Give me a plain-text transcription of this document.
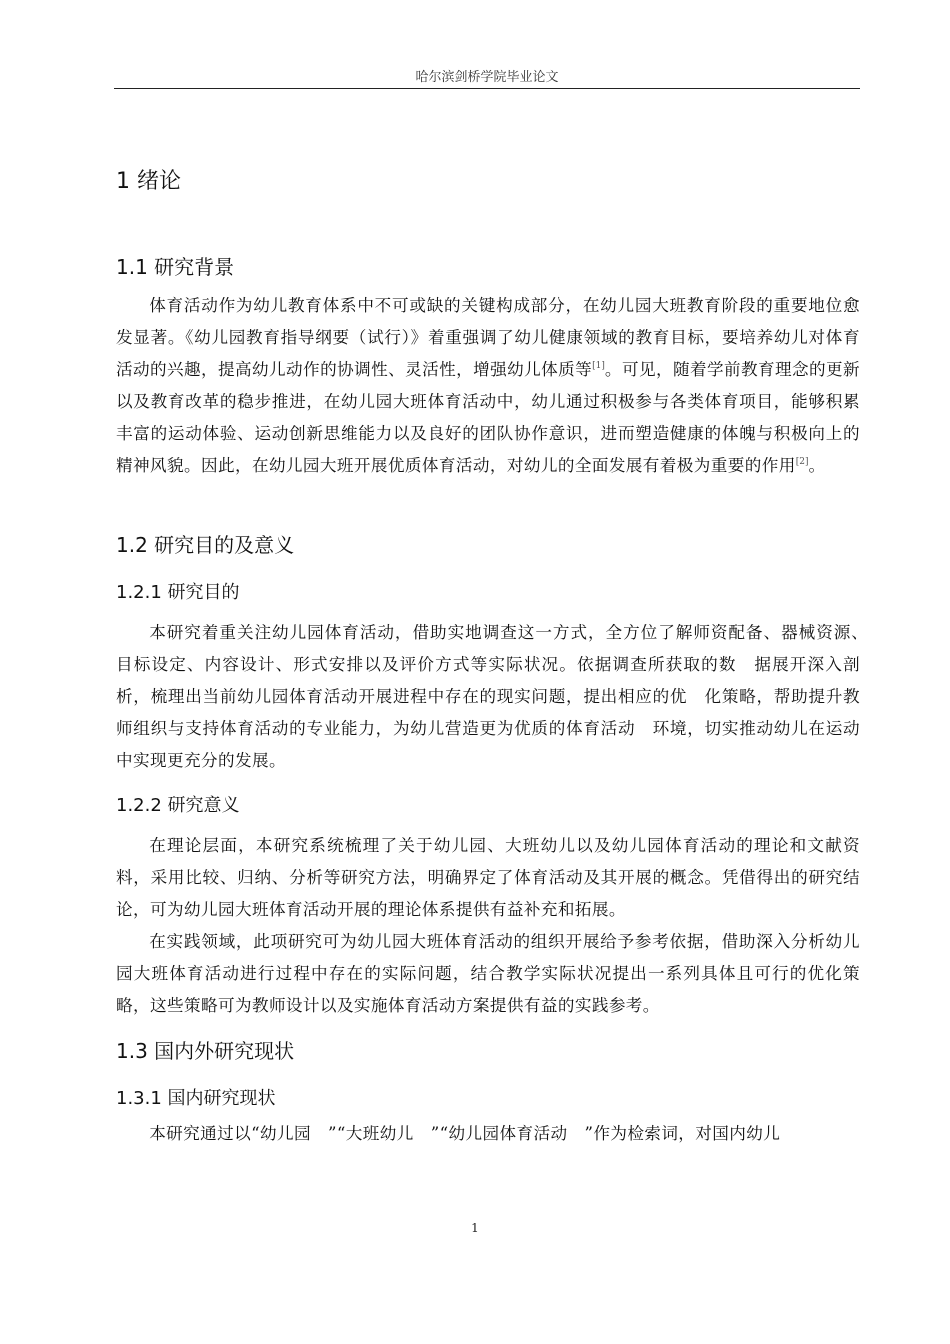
哈尔滨剑桥学院毕业论文
1 绪论
1.1 研究背景

体育活动作为幼儿教育体系中不可或缺的关键构成部分，在幼儿园大班教育阶段的重要地位愈发显著。《幼儿园教育指导纲要（试行）》着重强调了幼儿健康领域的教育目标，要培养幼儿对体育活动的兴趣，提高幼儿动作的协调性、灵活性，增强幼儿体质等[1]。可见，随着学前教育理念的更新以及教育改革的稳步推进，在幼儿园大班体育活动中，幼儿通过积极参与各类体育项目，能够积累丰富的运动体验、运动创新思维能力以及良好的团队协作意识，进而塑造健康的体魄与积极向上的精神风貌。因此，在幼儿园大班开展优质体育活动，对幼儿的全面发展有着极为重要的作用[2]。

1.2 研究目的及意义
1.2.1 研究目的

本研究着重关注幼儿园体育活动，借助实地调查这一方式，全方位了解师资配备、器械资源、　目标设定、内容设计、形式安排以及评价方式等实际状况。依据调查所获取的数　据展开深入剖析，梳理出当前幼儿园体育活动开展进程中存在的现实问题，提出相应的优　化策略，帮助提升教师组织与支持体育活动的专业能力，为幼儿营造更为优质的体育活动　环境，切实推动幼儿在运动中实现更充分的发展。

1.2.2 研究意义

在理论层面，本研究系统梳理了关于幼儿园、大班幼儿以及幼儿园体育活动的理论和文献资料，采用比较、归纳、分析等研究方法，明确界定了体育活动及其开展的概念。凭借得出的研究结论，可为幼儿园大班体育活动开展的理论体系提供有益补充和拓展。

在实践领域，此项研究可为幼儿园大班体育活动的组织开展给予参考依据，借助深入分析幼儿园大班体育活动进行过程中存在的实际问题，结合教学实际状况提出一系列具体且可行的优化策略，这些策略可为教师设计以及实施体育活动方案提供有益的实践参考。

1.3 国内外研究现状
1.3.1 国内研究现状

本研究通过以“幼儿园　”“大班幼儿　”“幼儿园体育活动　”作为检索词，对国内幼儿

1
